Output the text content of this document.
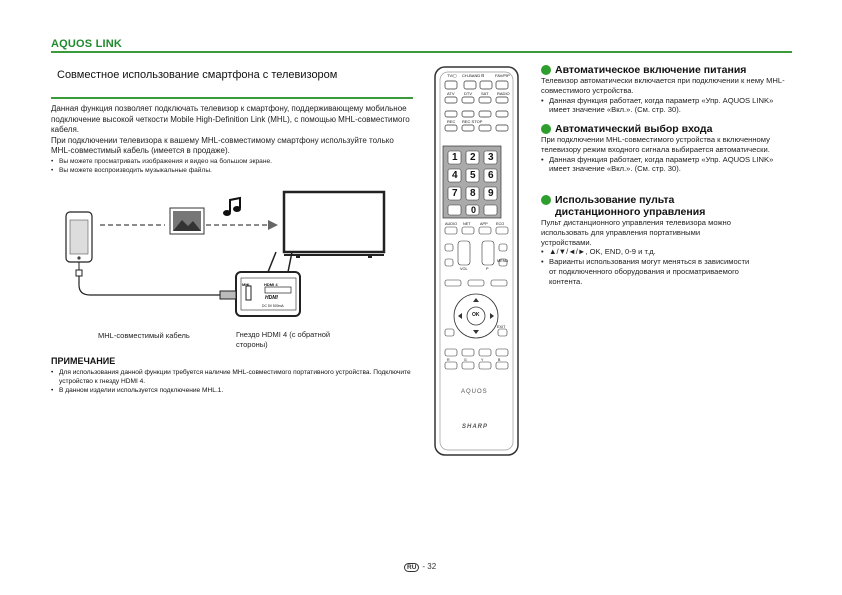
AQUOS LINK
Совместное использование смартфона с телевизором
Данная функция позволяет подключать телевизор к смартфону, поддерживающему мобильное подключение высокой четкости Mobile High-Definition Link (MHL), с помощью MHL-совместимого кабеля.
При подключении телевизора к вашему MHL-совместимому смартфону используйте только MHL-совместимый кабель (имеется в продаже).
• Вы можете просматривать изображения и видео на большом экране.
• Вы можете воспроизводить музыкальные файлы.
MHL	HDMI 4
HDMI
DC 5V 500mA
MHL-совместимый кабель	Гнездо HDMI 4 (с обратной стороны)
ПРИМЕЧАНИЕ
• Для использования данной функции требуется наличие MHL-совместимого портативного устройства. Подключите устройство к гнезду HDMI 4.
• В данном изделии используется подключение MHL.1.
TV/◻ CH-BAND ⊟	FAV/PIP
ATV DTV SAT RADIO
REC REC STOP
1 2 3
4 5 6
7 8 9
0
AUDIO NET APP ECO
VOL	P
MENU
EXIT
OK
R	G	Y	B
AQUOS
SHARP
Автоматическое включение питания
Телевизор автоматически включается при подключении к нему MHL-совместимого устройства.
• Данная функция работает, когда параметр «Упр. AQUOS LINK» имеет значение «Вкл.». (См. стр. 30).
Автоматический выбор входа
При подключении MHL-совместимого устройства к включенному телевизору режим входного сигнала выбирается автоматически.
• Данная функция работает, когда параметр «Упр. AQUOS LINK» имеет значение «Вкл.». (См. стр. 30).
Использование пульта дистанционного управления
Пульт дистанционного управления телевизора можно использовать для управления портативными устройствами.
• ▲/▼/◄/►, OK, END, 0-9 и т.д.
• Варианты использования могут меняться в зависимости от подключенного оборудования и просматриваемого контента.
RU - 32
